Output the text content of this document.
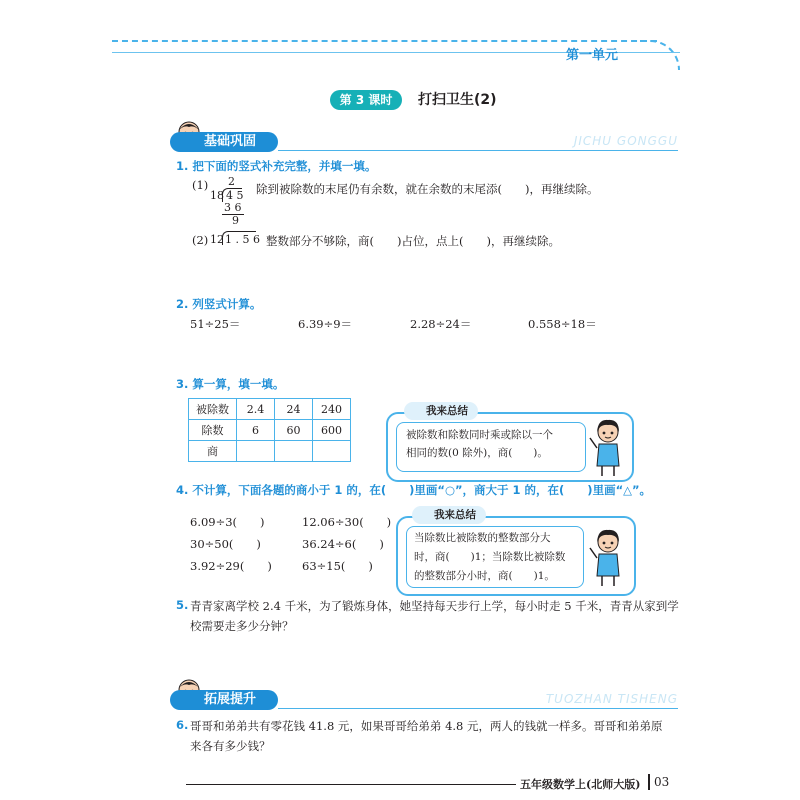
第一单元
第 3 课时	打扫卫生(2)
基础巩固	JICHU GONGGU
1. 把下面的竖式补充完整，并填一填。
(1) 2
18 4 5
3 6
9
除到被除数的末尾仍有余数，就在余数的末尾添(　　)，再继续除。
(2) 12 1 . 5 6 整数部分不够除，商(　　)占位，点上(　　)，再继续除。
2. 列竖式计算。
51÷25＝	6.39÷9＝	2.28÷24＝	0.558÷18＝
3. 算一算，填一填。
被除数	2.4	24	240
除数	6	60	600
商			
被除数和除数同时乘或除以一个
相同的数(0 除外)，商(　　)。
我来总结
4. 不计算，下面各题的商小于 1 的，在(　　)里画“○”，商大于 1 的，在(　　)里画“△”。
6.09÷3(　　)	12.06÷30(　　)
30÷50(　　)	36.24÷6(　　)
3.92÷29(　　)	63÷15(　　)
当除数比被除数的整数部分大
时，商(　　)1；当除数比被除数
的整数部分小时，商(　　)1。
我来总结
5. 青青家离学校 2.4 千米，为了锻炼身体，她坚持每天步行上学，每小时走 5 千米，青青从家到学
校需要走多少分钟？
拓展提升	TUOZHAN TISHENG
6. 哥哥和弟弟共有零花钱 41.8 元，如果哥哥给弟弟 4.8 元，两人的钱就一样多。哥哥和弟弟原
来各有多少钱？
五年级数学上(北师大版) 03
